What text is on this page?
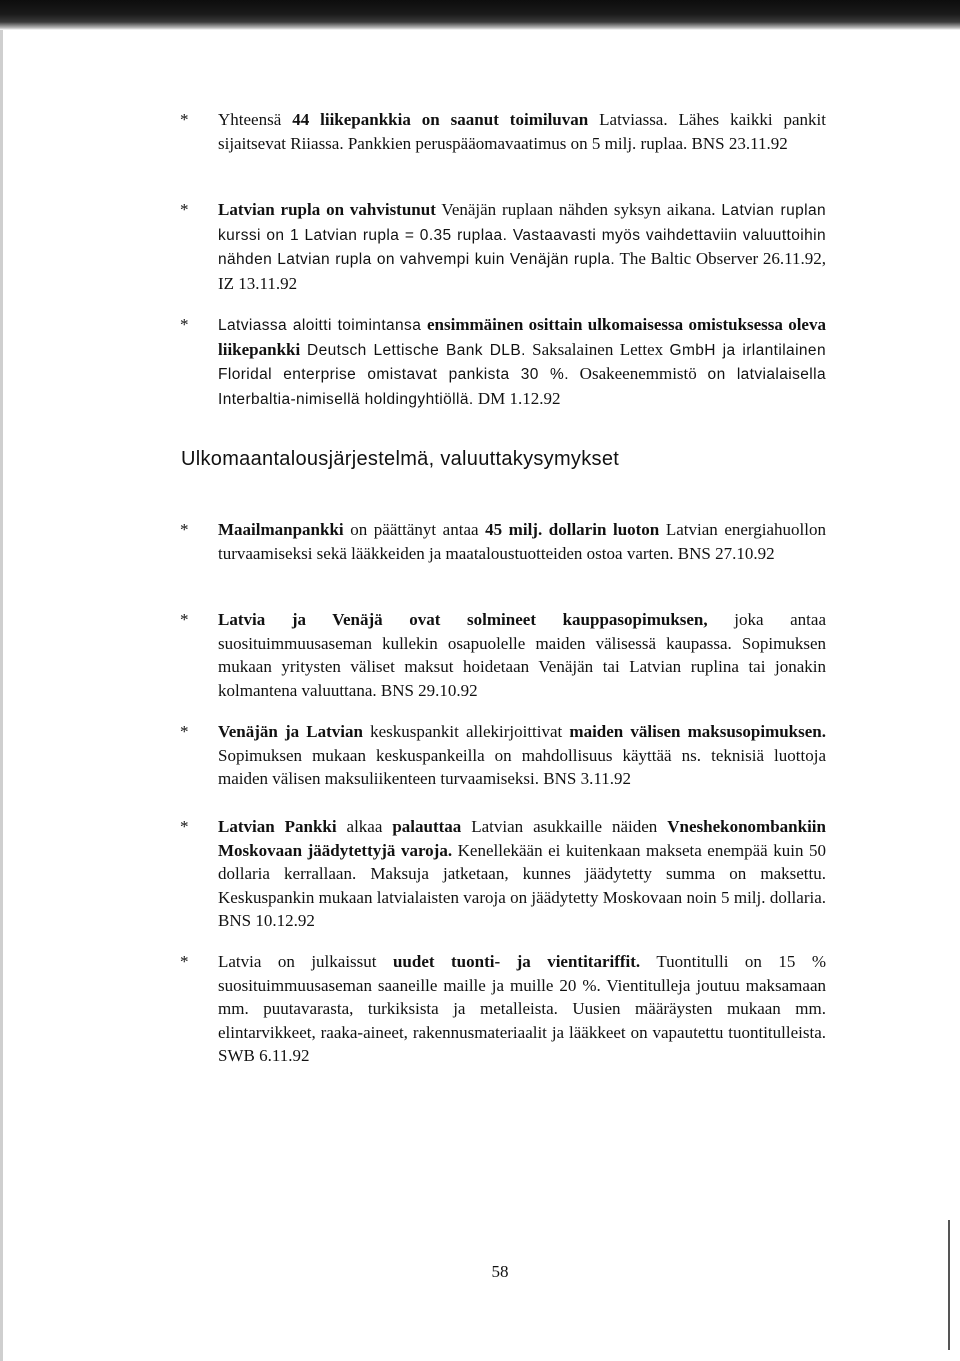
* Yhteensä 44 liikepankkia on saanut toimiluvan Latviassa. Lähes kaikki pankit sijaitsevat Riiassa. Pankkien peruspääomavaatimus on 5 milj. ruplaa. BNS 23.11.92
* Latvian rupla on vahvistunut Venäjän ruplaan nähden syksyn aikana. Latvian ruplan kurssi on 1 Latvian rupla = 0.35 ruplaa. Vastaavasti myös vaihdettaviin valuuttoihin nähden Latvian rupla on vahvempi kuin Venäjän rupla. The Baltic Observer 26.11.92, IZ 13.11.92
* Latviassa aloitti toimintansa ensimmäinen osittain ulkomaisessa omistuksessa oleva liikepankki Deutsch Lettische Bank DLB. Saksalainen Lettex GmbH ja irlantilainen Floridal enterprise omistavat pankista 30 %. Osakeenemmistö on latvialaisella Interbaltia-nimisellä holdingyhtiöllä. DM 1.12.92
Ulkomaantalousjärjestelmä, valuuttakysymykset
* Maailmanpankki on päättänyt antaa 45 milj. dollarin luoton Latvian energiahuollon turvaamiseksi sekä lääkkeiden ja maataloustuotteiden ostoa varten. BNS 27.10.92
* Latvia ja Venäjä ovat solmineet kauppasopimuksen, joka antaa suosituimmuusaseman kullekin osapuolelle maiden välisessä kaupassa. Sopimuksen mukaan yritysten väliset maksut hoidetaan Venäjän tai Latvian ruplina tai jonakin kolmantena valuuttana. BNS 29.10.92
* Venäjän ja Latvian keskuspankit allekirjoittivat maiden välisen maksusopimuksen. Sopimuksen mukaan keskuspankeilla on mahdollisuus käyttää ns. teknisiä luottoja maiden välisen maksuliikenteen turvaamiseksi. BNS 3.11.92
* Latvian Pankki alkaa palauttaa Latvian asukkaille näiden Vneshekonombankiin Moskovaan jäädytettyjä varoja. Kenellekään ei kuitenkaan makseta enempää kuin 50 dollaria kerrallaan. Maksuja jatketaan, kunnes jäädytetty summa on maksettu. Keskuspankin mukaan latvialaisten varoja on jäädytetty Moskovaan noin 5 milj. dollaria. BNS 10.12.92
* Latvia on julkaissut uudet tuonti- ja vientitariffit. Tuontitulli on 15 % suosituimmuusaseman saaneille maille ja muille 20 %. Vientitulleja joutuu maksamaan mm. puutavarasta, turkiksista ja metalleista. Uusien määräysten mukaan mm. elintarvikkeet, raaka-aineet, rakennusmateriaalit ja lääkkeet on vapautettu tuontitulleista. SWB 6.11.92
58
